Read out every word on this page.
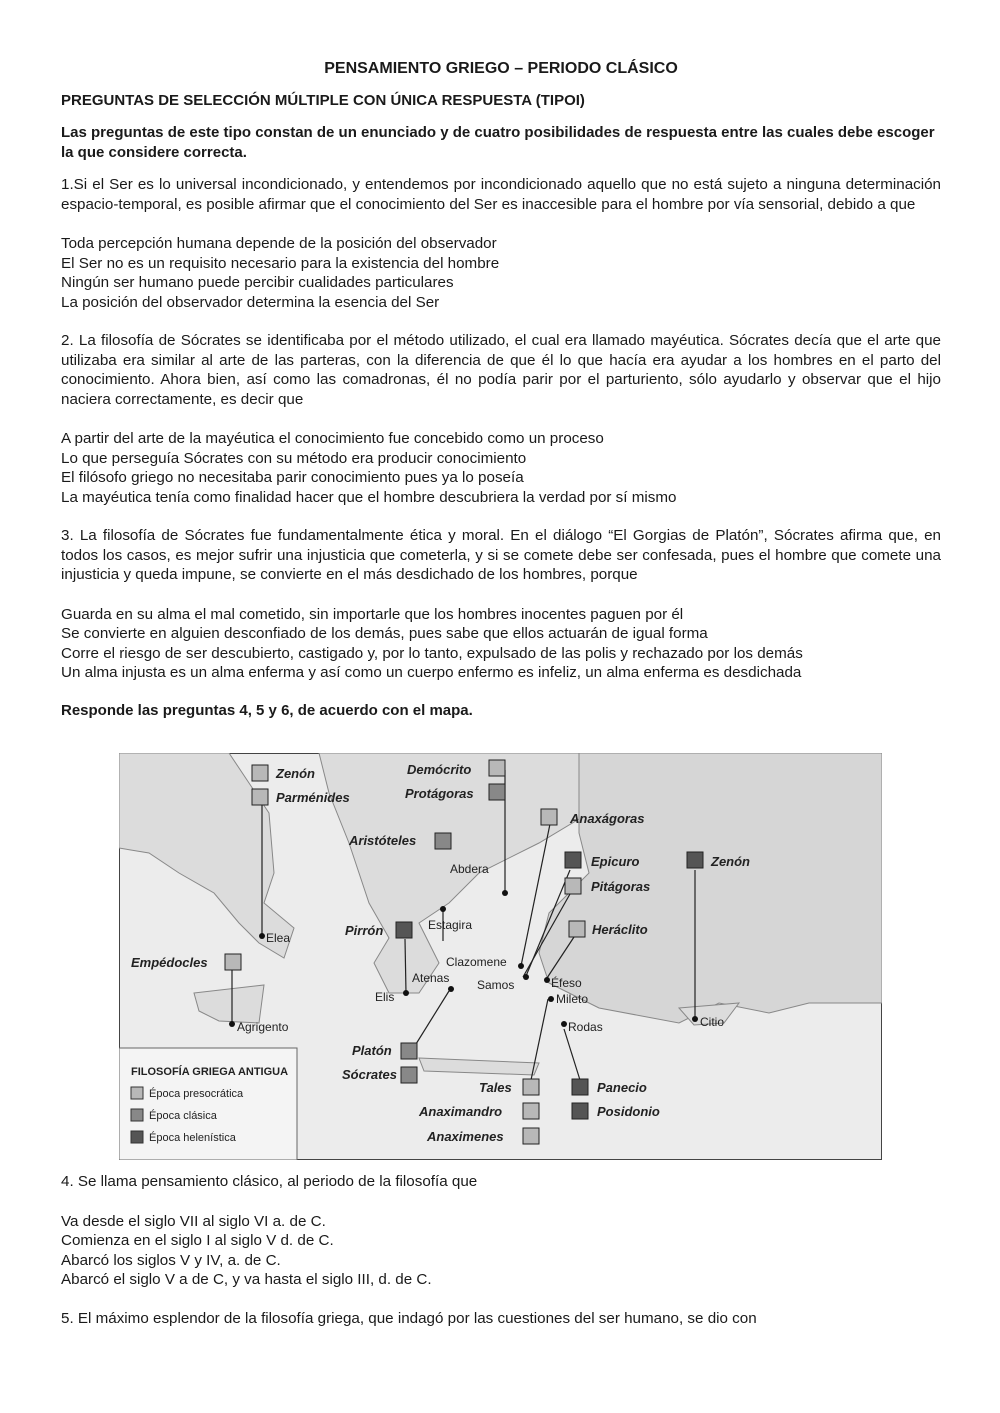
PENSAMIENTO GRIEGO – PERIODO CLÁSICO
PREGUNTAS DE SELECCIÓN MÚLTIPLE CON ÚNICA RESPUESTA (TIPOI)
Las preguntas de este tipo constan de un enunciado y de cuatro posibilidades de respuesta entre las cuales debe escoger la que considere correcta.
1.Si el Ser es lo universal incondicionado, y entendemos por incondicionado aquello que no está sujeto a ninguna determinación espacio-temporal, es posible afirmar que el conocimiento del Ser es inaccesible para el hombre por vía sensorial, debido a que
Toda percepción humana depende de la posición del observador
El Ser no es un requisito necesario para la existencia del hombre
Ningún ser humano puede percibir cualidades particulares
La posición del observador determina la esencia del Ser
2. La filosofía de Sócrates se identificaba por el método utilizado, el cual era llamado mayéutica. Sócrates decía que el arte que utilizaba era similar al arte de las parteras, con la diferencia de que él lo que hacía era ayudar a los hombres en el parto del conocimiento. Ahora bien, así como las comadronas, él no podía parir por el parturiento, sólo ayudarlo y observar que el hijo naciera correctamente, es decir que
A partir del arte de la mayéutica el conocimiento fue concebido como un proceso
Lo que perseguía Sócrates con su método era producir conocimiento
El filósofo griego no necesitaba parir conocimiento pues ya lo poseía
La mayéutica tenía como finalidad hacer que el hombre descubriera la verdad por sí mismo
3. La filosofía de Sócrates fue fundamentalmente ética y moral. En el diálogo “El Gorgias de Platón”, Sócrates afirma que, en todos los casos, es mejor sufrir una injusticia que cometerla, y si se comete debe ser confesada, pues el hombre que comete una injusticia y queda impune, se convierte en el más desdichado de los hombres, porque
Guarda en su alma el mal cometido, sin importarle que los hombres inocentes paguen por él
Se convierte en alguien desconfiado de los demás, pues sabe que ellos actuarán de igual forma
Corre el riesgo de ser descubierto, castigado y, por lo tanto, expulsado de las polis y rechazado por los demás
Un alma injusta es un alma enferma y así como un cuerpo enfermo es infeliz, un alma enferma es desdichada
Responde las preguntas 4, 5 y 6, de acuerdo con el mapa.
Zenón
Parménides
Demócrito
Protágoras
Anaxágoras
Aristóteles
Epicuro	Zenón
Pitágoras
Pirrón	Heráclito
Empédocles
Platón
Sócrates
Tales
Anaximandro
Anaximenes
Panecio
Posidonio
Abdera
Estagira
Elea
Clazomene
Atenas Samos	Éfeso
Mileto
Elis
Rodas
Agrigento	Citio
FILOSOFÍA GRIEGA ANTIGUA
Época presocrática
Época clásica
Época helenística
4. Se llama pensamiento clásico, al periodo de la filosofía que
Va desde el siglo VII al siglo VI a. de C.
Comienza en el siglo I al siglo V d. de C.
Abarcó los siglos V y IV, a. de C.
Abarcó el siglo V a de C, y va hasta el siglo III, d. de C.
5. El máximo esplendor de la filosofía griega, que indagó por las cuestiones del ser humano, se dio con
